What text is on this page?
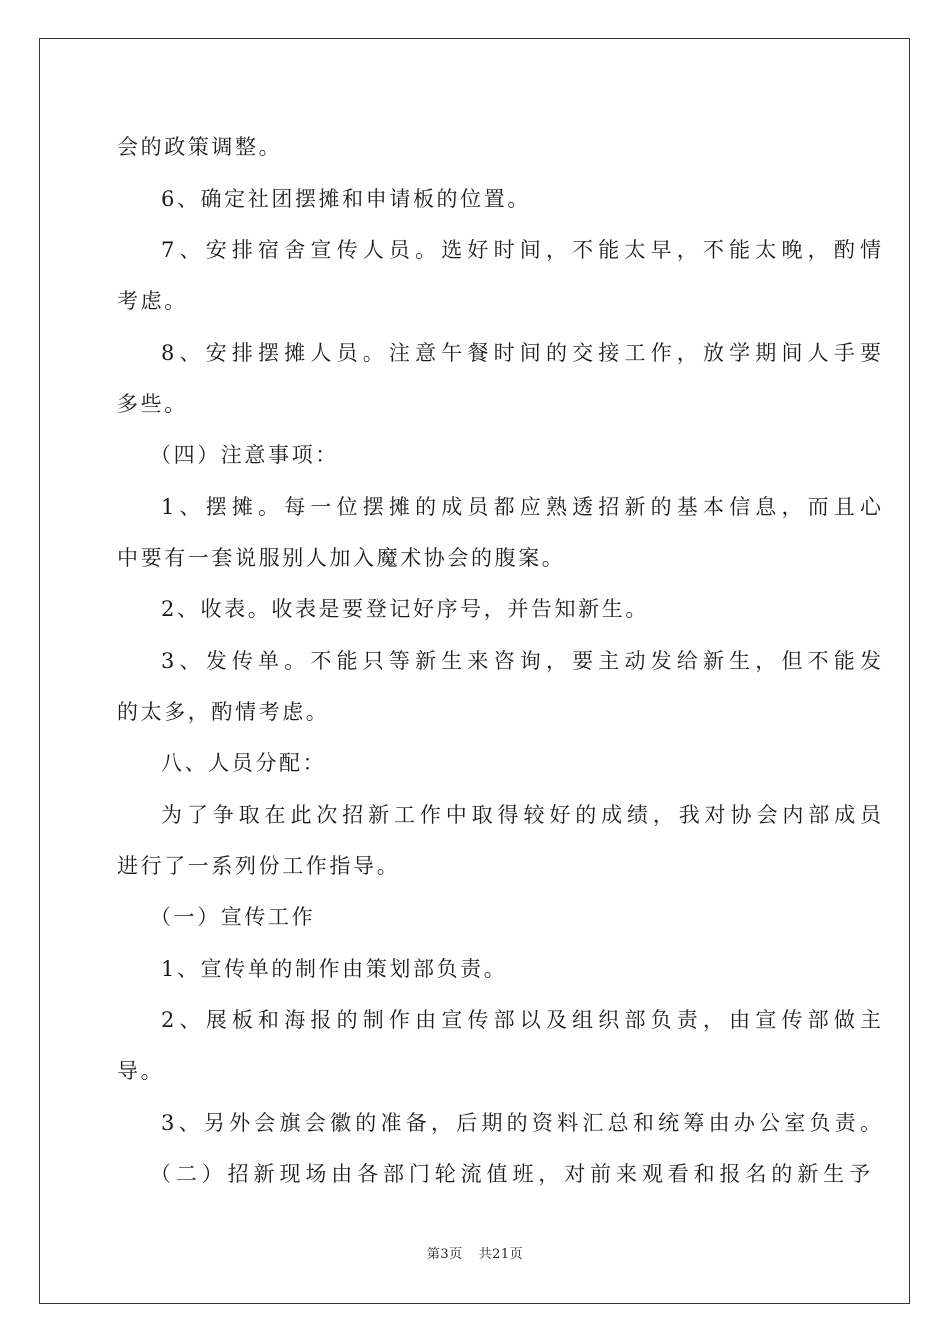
会的政策调整。
6、确定社团摆摊和申请板的位置。
7、安排宿舍宣传人员。选好时间，不能太早，不能太晚，酌情
考虑。
8、安排摆摊人员。注意午餐时间的交接工作，放学期间人手要
多些。
（四）注意事项：
1、摆摊。每一位摆摊的成员都应熟透招新的基本信息，而且心
中要有一套说服别人加入魔术协会的腹案。
2、收表。收表是要登记好序号，并告知新生。
3、发传单。不能只等新生来咨询，要主动发给新生，但不能发
的太多，酌情考虑。
八、人员分配：
为了争取在此次招新工作中取得较好的成绩，我对协会内部成员
进行了一系列份工作指导。
（一）宣传工作
1、宣传单的制作由策划部负责。
2、展板和海报的制作由宣传部以及组织部负责，由宣传部做主
导。
3、另外会旗会徽的准备，后期的资料汇总和统筹由办公室负责。
（二）招新现场由各部门轮流值班，对前来观看和报名的新生予
第3页 共21页
